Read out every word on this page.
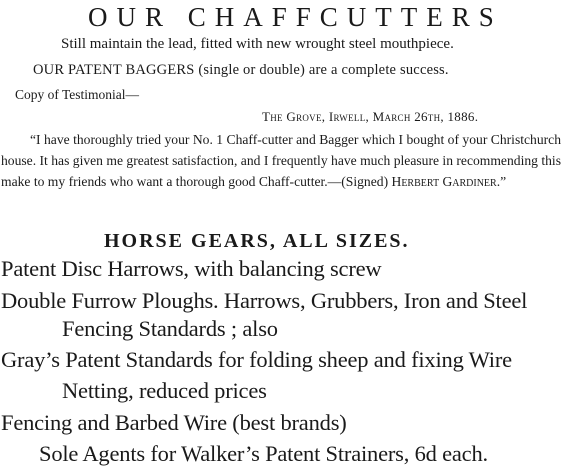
OUR CHAFFCUTTERS
Still maintain the lead, fitted with new wrought steel mouthpiece.
OUR PATENT BAGGERS (single or double) are a complete success.
Copy of Testimonial—
The Grove, Irwell, March 26th, 1886.
“I have thoroughly tried your No. 1 Chaff-cutter and Bagger which I bought of your Christchurch house. It has given me greatest satisfaction, and I frequently have much pleasure in recommending this make to my friends who want a thorough good Chaff-cutter.—(Signed) Herbert Gardiner.”
HORSE GEARS, ALL SIZES.
Patent Disc Harrows, with balancing screw
Double Furrow Ploughs. Harrows, Grubbers, Iron and Steel
Fencing Standards ; also
Gray’s Patent Standards for folding sheep and fixing Wire
Netting, reduced prices
Fencing and Barbed Wire (best brands)
Sole Agents for Walker’s Patent Strainers, 6d each.
